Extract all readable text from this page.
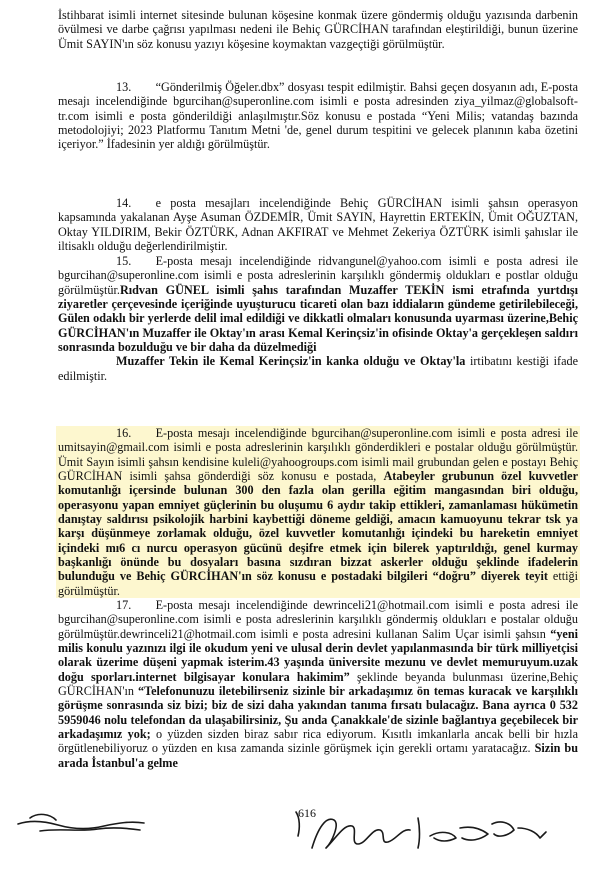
İstihbarat isimli internet sitesinde bulunan köşesine konmak üzere göndermiş olduğu yazısında darbenin övülmesi ve darbe çağrısı yapılması nedeni ile Behiç GÜRCİHAN tarafından eleştirildiği, bunun üzerine Ümit SAYIN'ın söz konusu yazıyı köşesine koymaktan vazgeçtiği görülmüştür.

13.  “Gönderilmiş Öğeler.dbx” dosyası tespit edilmiştir. Bahsi geçen dosyanın adı, E-posta mesajı incelendiğinde bgurcihan@superonline.com isimli e posta adresinden ziya_yilmaz@globalsoft-tr.com isimli e posta gönderildiği anlaşılmıştır.Söz konusu e postada “Yeni Milis; vatandaş bazında metodolojiyi; 2023 Platformu Tanıtım Metni 'de, genel durum tespitini ve gelecek planının kaba özetini içeriyor.” İfadesinin yer aldığı görülmüştür.

14.  e posta mesajları incelendiğinde Behiç GÜRCİHAN isimli şahsın operasyon kapsamında yakalanan Ayşe Asuman ÖZDEMİR, Ümit SAYIN, Hayrettin ERTEKİN, Ümit OĞUZTAN, Oktay YILDIRIM, Bekir ÖZTÜRK, Adnan AKFIRAT ve Mehmet Zekeriya ÖZTÜRK isimli şahıslar ile iltisaklı olduğu değerlendirilmiştir.

15.  E-posta mesajı incelendiğinde ridvangunel@yahoo.com isimli e posta adresi ile bgurcihan@superonline.com isimli e posta adreslerinin karşılıklı göndermiş oldukları e postlar olduğu görülmüştür.Rıdvan GÜNEL isimli şahıs tarafından Muzaffer TEKİN ismi etrafında yurtdışı ziyaretler çerçevesinde içeriğinde uyuşturucu ticareti olan bazı iddiaların gündeme getirilebileceği, Gülen odaklı bir yerlerde delil imal edildiği ve dikkatli olmaları konusunda uyarması üzerine,Behiç GÜRCİHAN'ın Muzaffer ile Oktay'ın arası Kemal Kerinçsiz'in ofisinde Oktay'a gerçekleşen saldırı sonrasında bozulduğu ve bir daha da düzelmediği

Muzaffer Tekin ile Kemal Kerinçsiz'in kanka olduğu ve Oktay'la irtibatını kestiği ifade edilmiştir.

16.  E-posta mesajı incelendiğinde bgurcihan@superonline.com isimli e posta adresi ile umitsayin@gmail.com isimli e posta adreslerinin karşılıklı gönderdikleri e postalar olduğu görülmüştür. Ümit Sayın isimli şahsın kendisine kuleli@yahoogroups.com isimli mail grubundan gelen e postayı Behiç GÜRCİHAN isimli şahsa gönderdiği söz konusu e postada, Atabeyler grubunun özel kuvvetler komutanlığı içersinde bulunan 300 den fazla olan gerilla eğitim mangasından biri olduğu, operasyonu yapan emniyet güçlerinin bu oluşumu 6 aydır takip ettikleri, zamanlaması hükümetin danıştay saldırısı psikolojik harbini kaybettiği döneme geldiği, amacın kamuoyunu tekrar tsk ya karşı düşünmeye zorlamak olduğu, özel kuvvetler komutanlığı içindeki bu hareketin emniyet içindeki mı6 cı nurcu operasyon gücünü deşifre etmek için bilerek yaptırıldığı, genel kurmay başkanlığı önünde bu dosyaları basına sızdıran bizzat askerler olduğu şeklinde ifadelerin bulunduğu ve Behiç GÜRCİHAN'ın söz konusu e postadaki bilgileri “doğru” diyerek teyit ettiği görülmüştür.

17.  E-posta mesajı incelendiğinde dewrinceli21@hotmail.com isimli e posta adresi ile bgurcihan@superonline.com isimli e posta adreslerinin karşılıklı göndermiş oldukları e postalar olduğu görülmüştür.dewrinceli21@hotmail.com isimli e posta adresini kullanan Salim Uçar isimli şahsın “yeni milis konulu yazınızı ilgi ile okudum yeni ve ulusal derin devlet yapılanmasında bir türk milliyetçisi olarak üzerime düşeni yapmak isterim.43 yaşında üniversite mezunu ve devlet memuruyum.uzak doğu sporları.internet bilgisayar konulara hakimim” şeklinde beyanda bulunması üzerine,Behiç GÜRCİHAN'ın “Telefonunuzu iletebilirseniz sizinle bir arkadaşımız ön temas kuracak ve karşılıklı görüşme sonrasında siz bizi; biz de sizi daha yakından tanıma fırsatı bulacağız. Bana ayrıca 0 532 5959046 nolu telefondan da ulaşabilirsiniz, Şu anda Çanakkale'de sizinle bağlantıya geçebilecek bir arkadaşımız yok; o yüzden sizden biraz sabır rica ediyorum. Kısıtlı imkanlarla ancak belli bir hızla örgütlenebiliyoruz o yüzden en kısa zamanda sizinle görüşmek için gerekli ortamı yaratacağız. Sizin bu arada İstanbul'a gelme

616
